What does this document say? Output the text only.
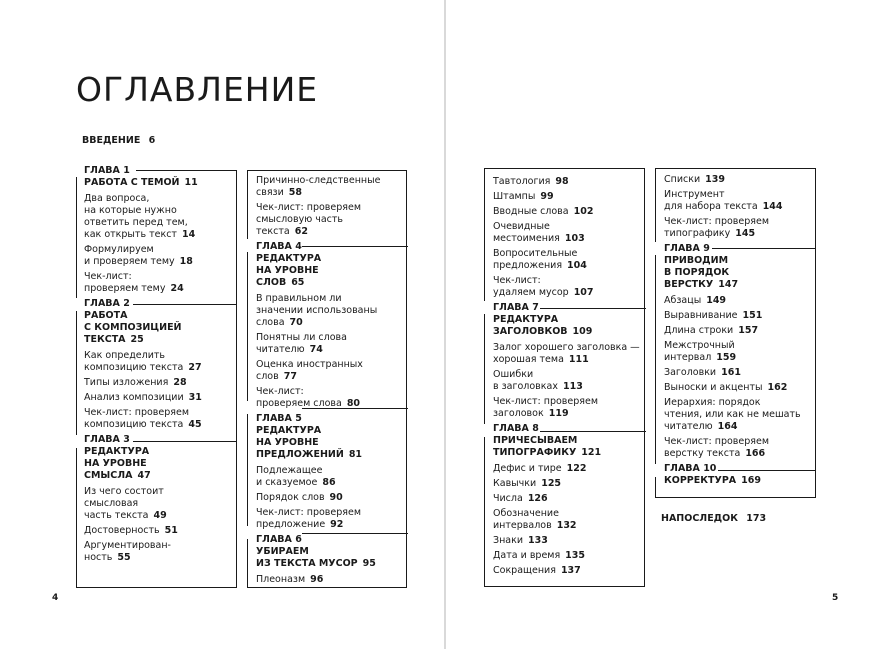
ОГЛАВЛЕНИЕ
ВВЕДЕНИЕ 6
ГЛАВА 1
РАБОТА С ТЕМОЙ 11
Два вопроса,
на которые нужно
ответить перед тем,
как открыть текст 14
Формулируем
и проверяем тему 18
Чек-лист:
проверяем тему 24
ГЛАВА 2
РАБОТА
С КОМПОЗИЦИЕЙ
ТЕКСТА 25
Как определить
композицию текста 27
Типы изложения 28
Анализ композиции 31
Чек-лист: проверяем
композицию текста 45
ГЛАВА 3
РЕДАКТУРА
НА УРОВНЕ
СМЫСЛА 47
Из чего состоит
смысловая
часть текста 49
Достоверность 51
Аргументирован-
ность 55
Причинно-следственные
связи 58
Чек-лист: проверяем
смысловую часть
текста 62
ГЛАВА 4
РЕДАКТУРА
НА УРОВНЕ
СЛОВ 65
В правильном ли
значении использованы
слова 70
Понятны ли слова
читателю 74
Оценка иностранных слов 77
Чек-лист:
проверяем слова 80
ГЛАВА 5
РЕДАКТУРА
НА УРОВНЕ
ПРЕДЛОЖЕНИЙ 81
Подлежащее
и сказуемое 86
Порядок слов 90
Чек-лист: проверяем
предложение 92
ГЛАВА 6
УБИРАЕМ
ИЗ ТЕКСТА МУСОР 95
Плеоназм 96
4
Тавтология 98
Штампы 99
Вводные слова 102
Очевидные
местоимения 103
Вопросительные
предложения 104
Чек-лист:
удаляем мусор 107
ГЛАВА 7
РЕДАКТУРА
ЗАГОЛОВКОВ 109
Залог хорошего заголовка —
хорошая тема 111
Ошибки
в заголовках 113
Чек-лист: проверяем
заголовок 119
ГЛАВА 8
ПРИЧЕСЫВАЕМ
ТИПОГРАФИКУ 121
Дефис и тире 122
Кавычки 125
Числа 126
Обозначение
интервалов 132
Знаки 133
Дата и время 135
Сокращения 137
Списки 139
Инструмент
для набора текста 144
Чек-лист: проверяем
типографику 145
ГЛАВА 9
ПРИВОДИМ
В ПОРЯДОК
ВЕРСТКУ 147
Абзацы 149
Выравнивание 151
Длина строки 157
Межстрочный
интервал 159
Заголовки 161
Выноски и акценты 162
Иерархия: порядок
чтения, или как не мешать
читателю 164
Чек-лист: проверяем
верстку текста 166
ГЛАВА 10
КОРРЕКТУРА 169
НАПОСЛЕДОК 173
5
